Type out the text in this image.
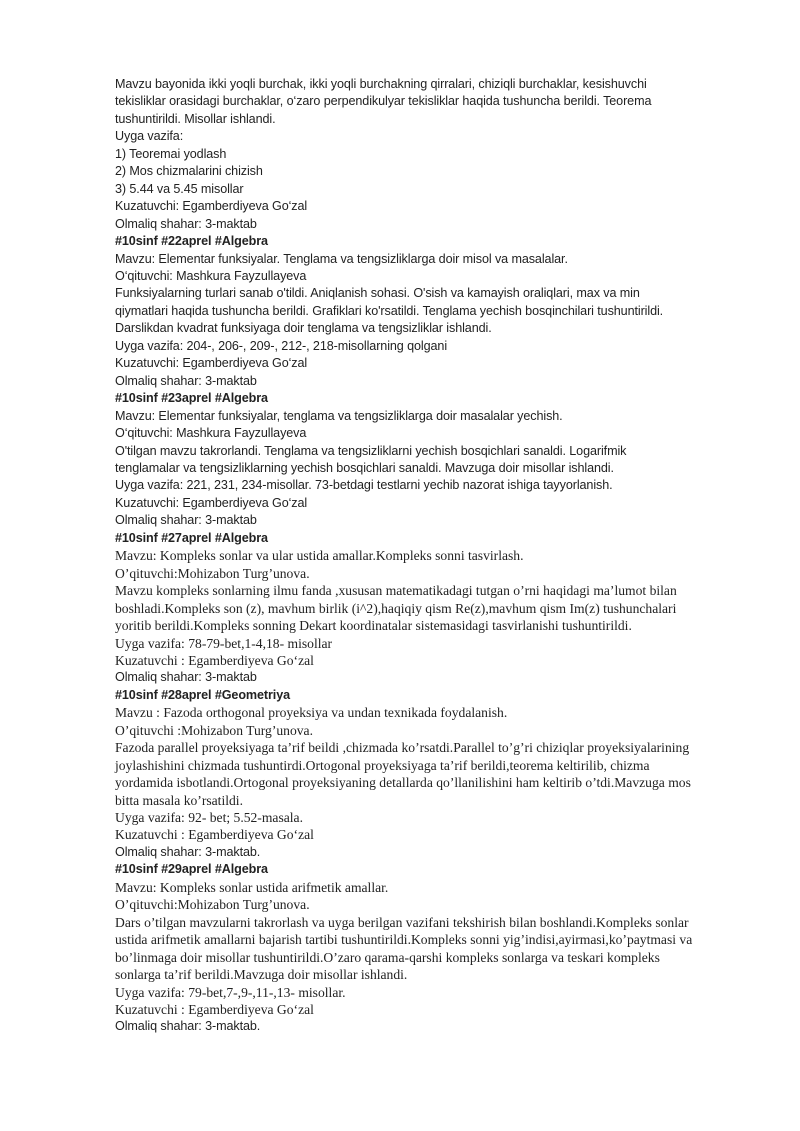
Mavzu bayonida ikki yoqli burchak, ikki yoqli burchakning qirralari, chiziqli burchaklar, kesishuvchi
tekisliklar orasidagi burchaklar, o‘zaro perpendikulyar tekisliklar haqida tushuncha berildi. Teorema
tushuntirildi. Misollar ishlandi.
Uyga vazifa:
1) Teoremai yodlash
2) Mos chizmalarini chizish
3) 5.44 va 5.45 misollar
Kuzatuvchi: Egamberdiyeva Go‘zal
Olmaliq shahar: 3-maktab
#10sinf #22aprel #Algebra
Mavzu: Elementar funksiyalar. Tenglama va tengsizliklarga doir misol va masalalar.
O‘qituvchi: Mashkura Fayzullayeva
Funksiyalarning turlari sanab o'tildi. Aniqlanish sohasi. O'sish va kamayish oraliqlari, max va min
qiymatlari haqida tushuncha berildi. Grafiklari ko'rsatildi. Tenglama yechish bosqinchilari tushuntirildi.
Darslikdan kvadrat funksiyaga doir tenglama va tengsizliklar ishlandi.
Uyga vazifa: 204-, 206-, 209-, 212-, 218-misollarning qolgani
Kuzatuvchi: Egamberdiyeva Go‘zal
Olmaliq shahar: 3-maktab
#10sinf #23aprel #Algebra
Mavzu: Elementar funksiyalar, tenglama va tengsizliklarga doir masalalar yechish.
O‘qituvchi: Mashkura Fayzullayeva
O'tilgan mavzu takrorlandi. Tenglama va tengsizliklarni yechish bosqichlari sanaldi. Logarifmik
tenglamalar va tengsizliklarning yechish bosqichlari sanaldi. Mavzuga doir misollar ishlandi.
Uyga vazifa: 221, 231, 234-misollar. 73-betdagi testlarni yechib nazorat ishiga tayyorlanish.
Kuzatuvchi: Egamberdiyeva Go‘zal
Olmaliq shahar: 3-maktab
#10sinf #27aprel #Algebra
Mavzu: Kompleks sonlar va ular ustida amallar.Kompleks sonni tasvirlash.
O’qituvchi:Mohizabon Turg’unova.
Mavzu kompleks sonlarning ilmu fanda ,xususan matematikadagi tutgan o’rni haqidagi ma’lumot bilan
boshladi.Kompleks son (z), mavhum birlik (i^2),haqiqiy qism Re(z),mavhum qism Im(z) tushunchalari
yoritib berildi.Kompleks sonning Dekart koordinatalar sistemasidagi tasvirlanishi tushuntirildi.
Uyga vazifa: 78-79-bet,1-4,18- misollar
Kuzatuvchi : Egamberdiyeva Go‘zal
Olmaliq shahar: 3-maktab
#10sinf #28aprel #Geometriya
Mavzu : Fazoda orthogonal proyeksiya va undan texnikada foydalanish.
O’qituvchi :Mohizabon Turg’unova.
Fazoda parallel proyeksiyaga ta’rif beildi ,chizmada ko’rsatdi.Parallel to’g’ri chiziqlar proyeksiyalarining
joylashishini chizmada tushuntirdi.Ortogonal proyeksiyaga ta’rif berildi,teorema keltirilib, chizma
yordamida isbotlandi.Ortogonal proyeksiyaning detallarda qo’llanilishini ham keltirib o’tdi.Mavzuga mos
bitta masala ko’rsatildi.
Uyga vazifa: 92- bet; 5.52-masala.
Kuzatuvchi : Egamberdiyeva Go‘zal
Olmaliq shahar: 3-maktab.
#10sinf #29aprel #Algebra
Mavzu: Kompleks sonlar ustida arifmetik amallar.
O’qituvchi:Mohizabon Turg’unova.
Dars o’tilgan mavzularni takrorlash va uyga berilgan vazifani tekshirish bilan boshlandi.Kompleks sonlar
ustida arifmetik amallarni bajarish tartibi tushuntirildi.Kompleks sonni yig’indisi,ayirmasi,ko’paytmasi va
bo’linmaga doir misollar tushuntirildi.O’zaro qarama-qarshi kompleks sonlarga va teskari kompleks
sonlarga ta’rif berildi.Mavzuga doir misollar ishlandi.
Uyga vazifa: 79-bet,7-,9-,11-,13- misollar.
Kuzatuvchi : Egamberdiyeva Go‘zal
Olmaliq shahar: 3-maktab.
